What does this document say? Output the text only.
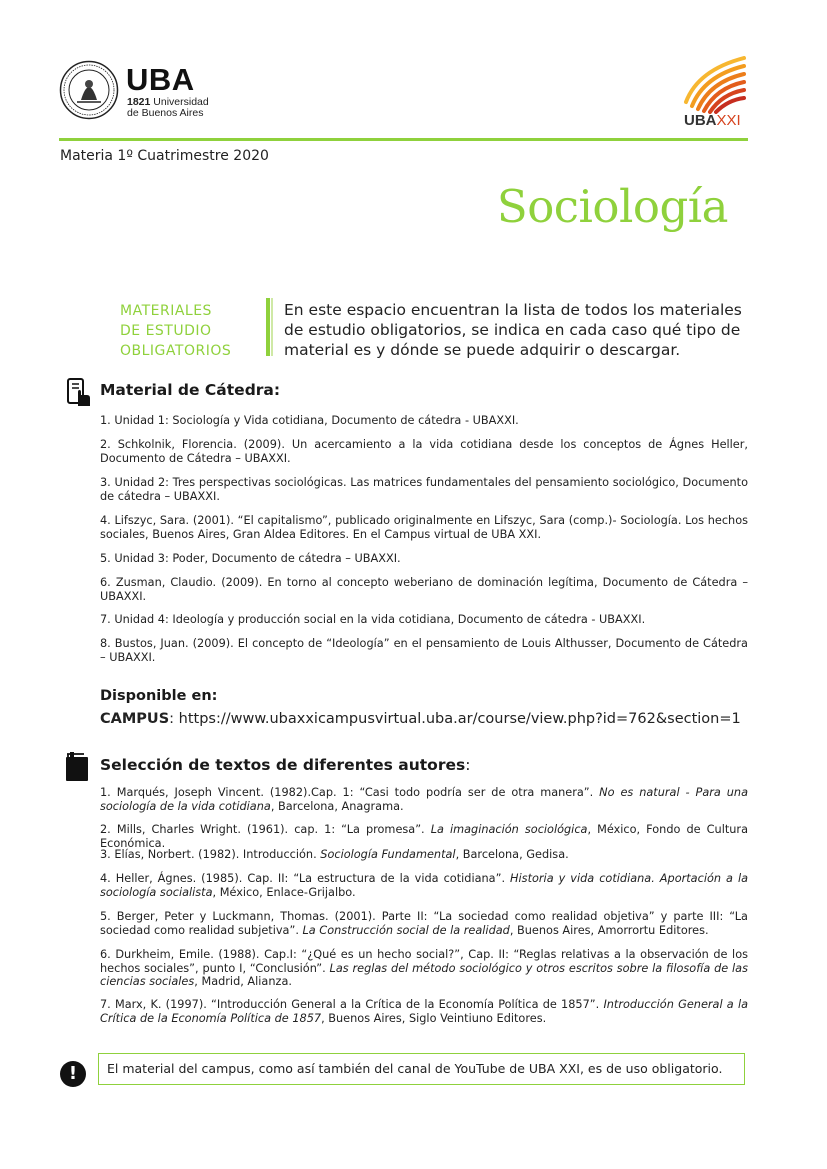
UBA
1821 Universidad
de Buenos Aires	UBAXXI
Materia 1º Cuatrimestre 2020
Sociología
MATERIALES
DE ESTUDIO
OBLIGATORIOS
En este espacio encuentran la lista de todos los materiales de estudio obligatorios, se indica en cada caso qué tipo de material es y dónde se puede adquirir o descargar.
Material de Cátedra:
1. Unidad 1: Sociología y Vida cotidiana, Documento de cátedra - UBAXXI.
2. Schkolnik, Florencia. (2009). Un acercamiento a la vida cotidiana desde los conceptos de Ágnes Heller, Documento de Cátedra – UBAXXI.
3. Unidad 2: Tres perspectivas sociológicas. Las matrices fundamentales del pensamiento sociológico, Documento de cátedra – UBAXXI.
4. Lifszyc, Sara. (2001). “El capitalismo”, publicado originalmente en Lifszyc, Sara (comp.)- Sociología. Los hechos sociales, Buenos Aires, Gran Aldea Editores. En el Campus virtual de UBA XXI.
5. Unidad 3: Poder, Documento de cátedra – UBAXXI.
6. Zusman, Claudio. (2009). En torno al concepto weberiano de dominación legítima, Documento de Cátedra – UBAXXI.
7. Unidad 4: Ideología y producción social en la vida cotidiana, Documento de cátedra - UBAXXI.
8. Bustos, Juan. (2009). El concepto de “Ideología” en el pensamiento de Louis Althusser, Documento de Cátedra – UBAXXI.
Disponible en:
CAMPUS: https://www.ubaxxicampusvirtual.uba.ar/course/view.php?id=762&section=1
Selección de textos de diferentes autores:
1. Marqués, Joseph Vincent. (1982).Cap. 1: “Casi todo podría ser de otra manera”. No es natural - Para una sociología de la vida cotidiana, Barcelona, Anagrama.
2. Mills, Charles Wright. (1961). cap. 1: “La promesa”. La imaginación sociológica, México, Fondo de Cultura Económica.
3. Elías, Norbert. (1982). Introducción. Sociología Fundamental, Barcelona, Gedisa.
4. Heller, Ágnes. (1985). Cap. II: “La estructura de la vida cotidiana”. Historia y vida cotidiana. Aportación a la sociología socialista, México, Enlace-Grijalbo.
5. Berger, Peter y Luckmann, Thomas. (2001). Parte II: “La sociedad como realidad objetiva” y parte III: “La sociedad como realidad subjetiva”. La Construcción social de la realidad, Buenos Aires, Amorrortu Editores.
6. Durkheim, Emile. (1988). Cap.I: “¿Qué es un hecho social?”, Cap. II: “Reglas relativas a la observación de los hechos sociales”, punto I, “Conclusión”. Las reglas del método sociológico y otros escritos sobre la filosofía de las ciencias sociales, Madrid, Alianza.
7. Marx, K. (1997). “Introducción General a la Crítica de la Economía Política de 1857”. Introducción General a la Crítica de la Economía Política de 1857, Buenos Aires, Siglo Veintiuno Editores.
!	El material del campus, como así también del canal de YouTube de UBA XXI, es de uso obligatorio.
